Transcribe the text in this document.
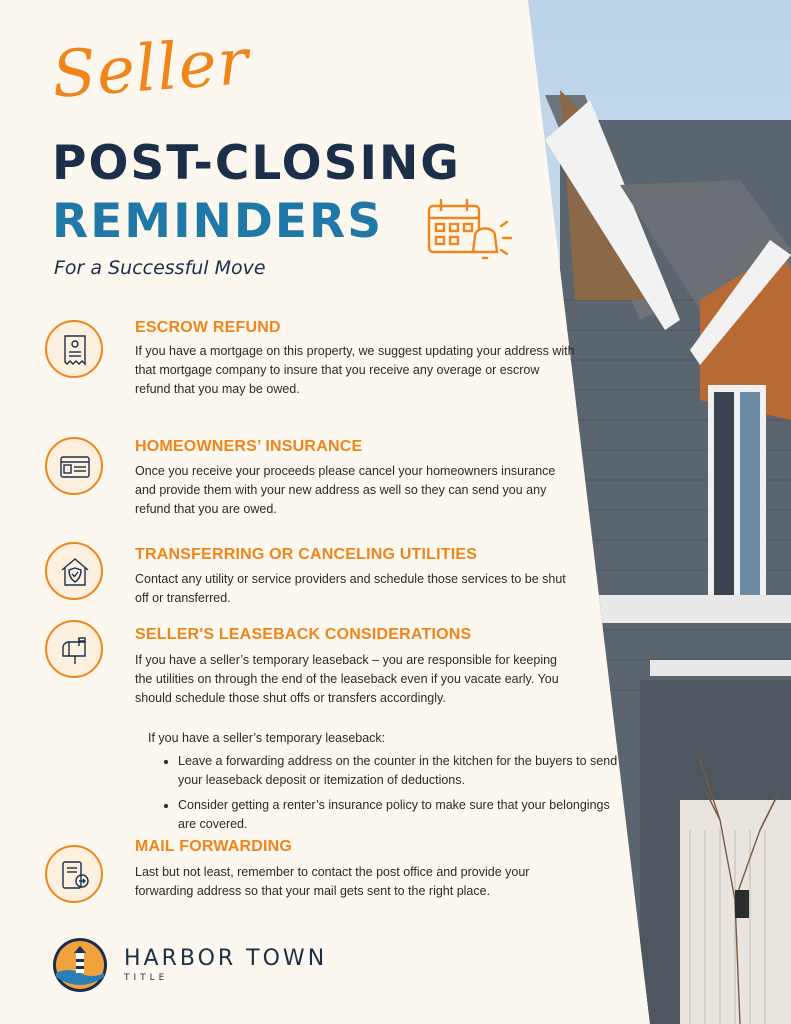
Seller
POST-CLOSING
REMINDERS
For a Successful Move
ESCROW REFUND
If you have a mortgage on this property, we suggest updating your address with that mortgage company to insure that you receive any overage or escrow refund that you may be owed.
HOMEOWNERS’ INSURANCE
Once you receive your proceeds please cancel your homeowners insurance and provide them with your new address as well so they can send you any refund that you are owed.
TRANSFERRING OR CANCELING UTILITIES
Contact any utility or service providers and schedule those services to be shut off or transferred.
SELLER'S LEASEBACK CONSIDERATIONS
If you have a seller’s temporary leaseback – you are responsible for keeping the utilities on through the end of the leaseback even if you vacate early. You should schedule those shut offs or transfers accordingly.
If you have a seller’s temporary leaseback:
• Leave a forwarding address on the counter in the kitchen for the buyers to send your leaseback deposit or itemization of deductions.
• Consider getting a renter’s insurance policy to make sure that your belongings are covered.
MAIL FORWARDING
Last but not least, remember to contact the post office and provide your forwarding address so that your mail gets sent to the right place.
HARBOR TOWN
TITLE
